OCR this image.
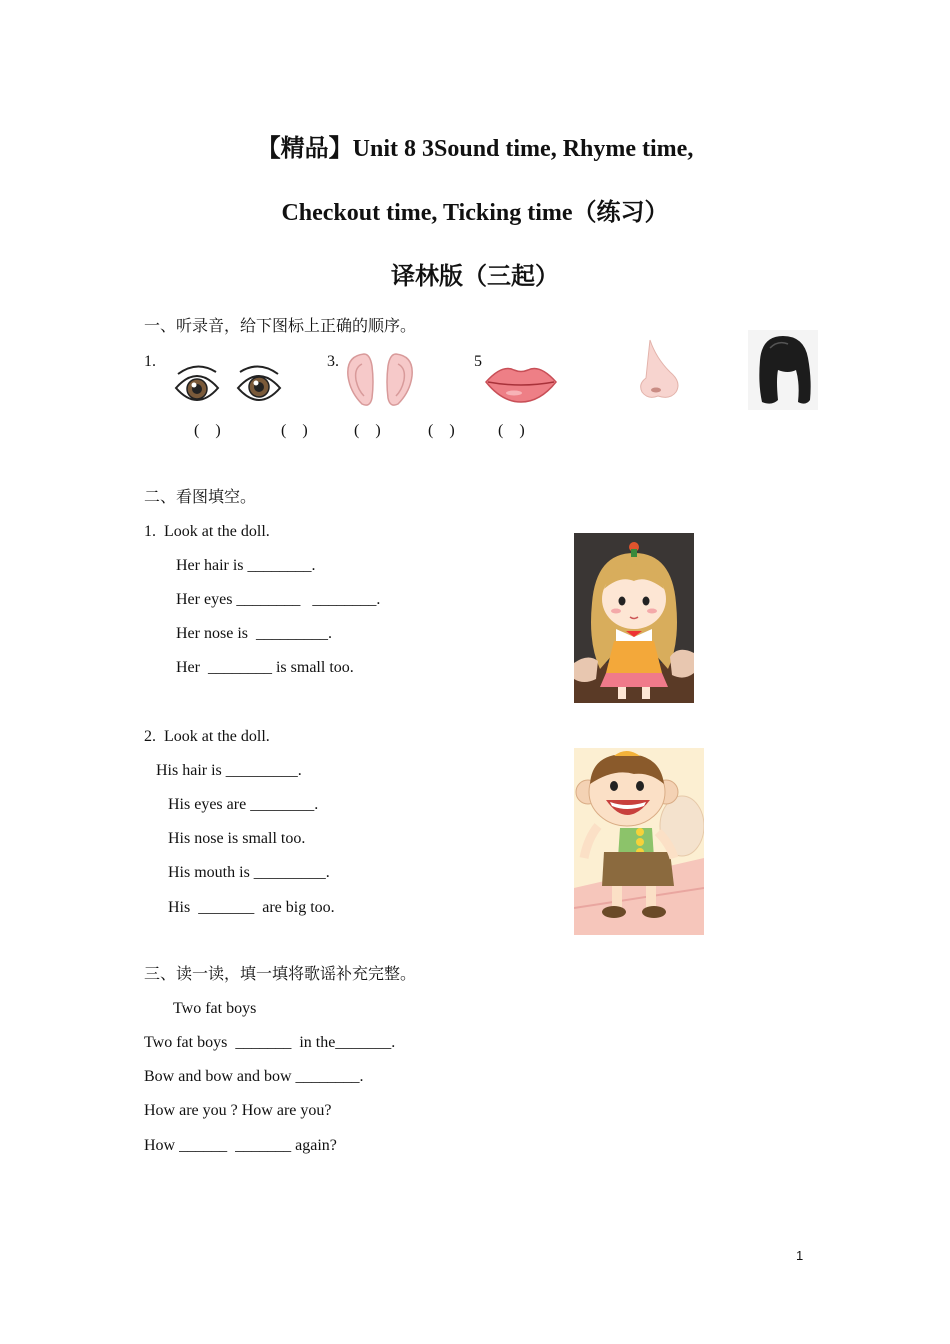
【精品】Unit 8 3Sound time, Rhyme time,
Checkout time, Ticking time（练习）
译林版（三起）
一、听录音，给下图标上正确的顺序。
1.	3.	5
(    )	(    )	(    )	(    )	(    )
二、看图填空。
1.  Look at the doll.
Her hair is ________.
Her eyes ________   ________.
Her nose is  _________.
Her  ________ is small too.
2.  Look at the doll.
His hair is _________.
His eyes are ________.
His nose is small too.
His mouth is _________.
His  _______  are big too.
三、读一读，填一填将歌谣补充完整。
Two fat boys
Two fat boys  _______  in the_______.
Bow and bow and bow ________.
How are you ? How are you?
How ______  _______ again?
1
